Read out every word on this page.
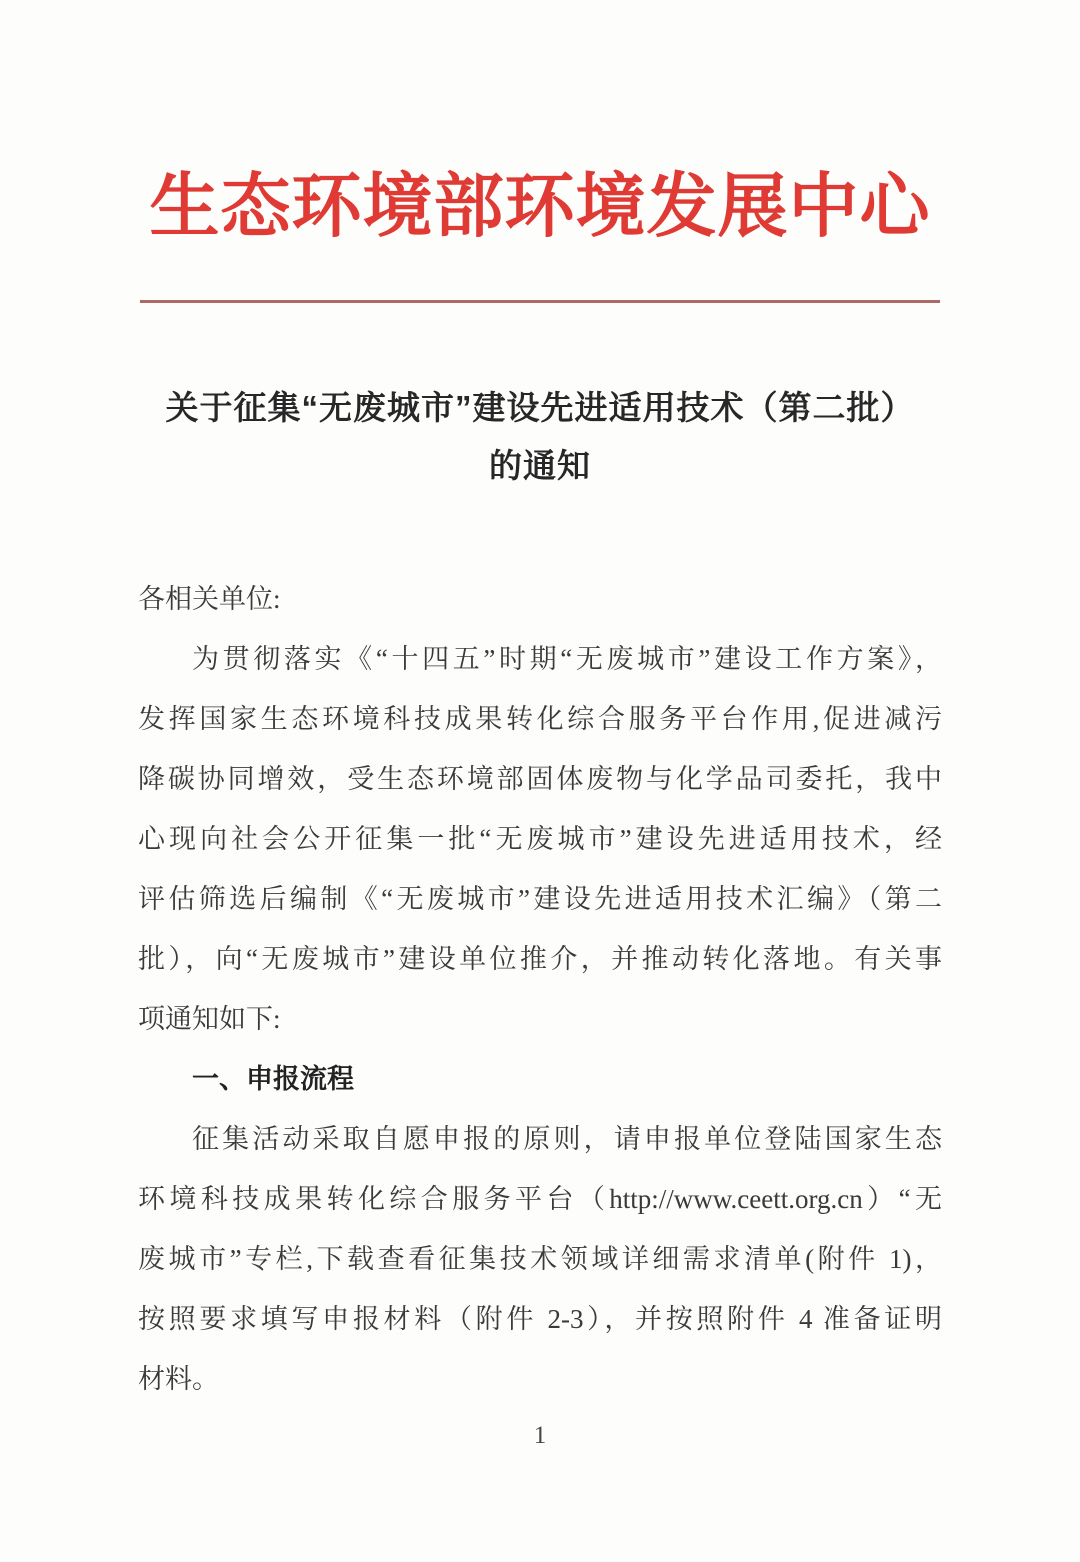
生态环境部环境发展中心
关于征集“无废城市”建设先进适用技术（第二批）
的通知
各相关单位:
为贯彻落实《“十四五”时期“无废城市”建设工作方案》，
发挥国家生态环境科技成果转化综合服务平台作用,促进减污
降碳协同增效，受生态环境部固体废物与化学品司委托，我中
心现向社会公开征集一批“无废城市”建设先进适用技术，经
评估筛选后编制《“无废城市”建设先进适用技术汇编》（第二
批），向“无废城市”建设单位推介，并推动转化落地。有关事
项通知如下:
一、申报流程
征集活动采取自愿申报的原则，请申报单位登陆国家生态
环境科技成果转化综合服务平台（http://www.ceett.org.cn）“无
废城市”专栏,下载查看征集技术领域详细需求清单(附件 1)，
按照要求填写申报材料（附件 2-3），并按照附件 4 准备证明
材料。
1
